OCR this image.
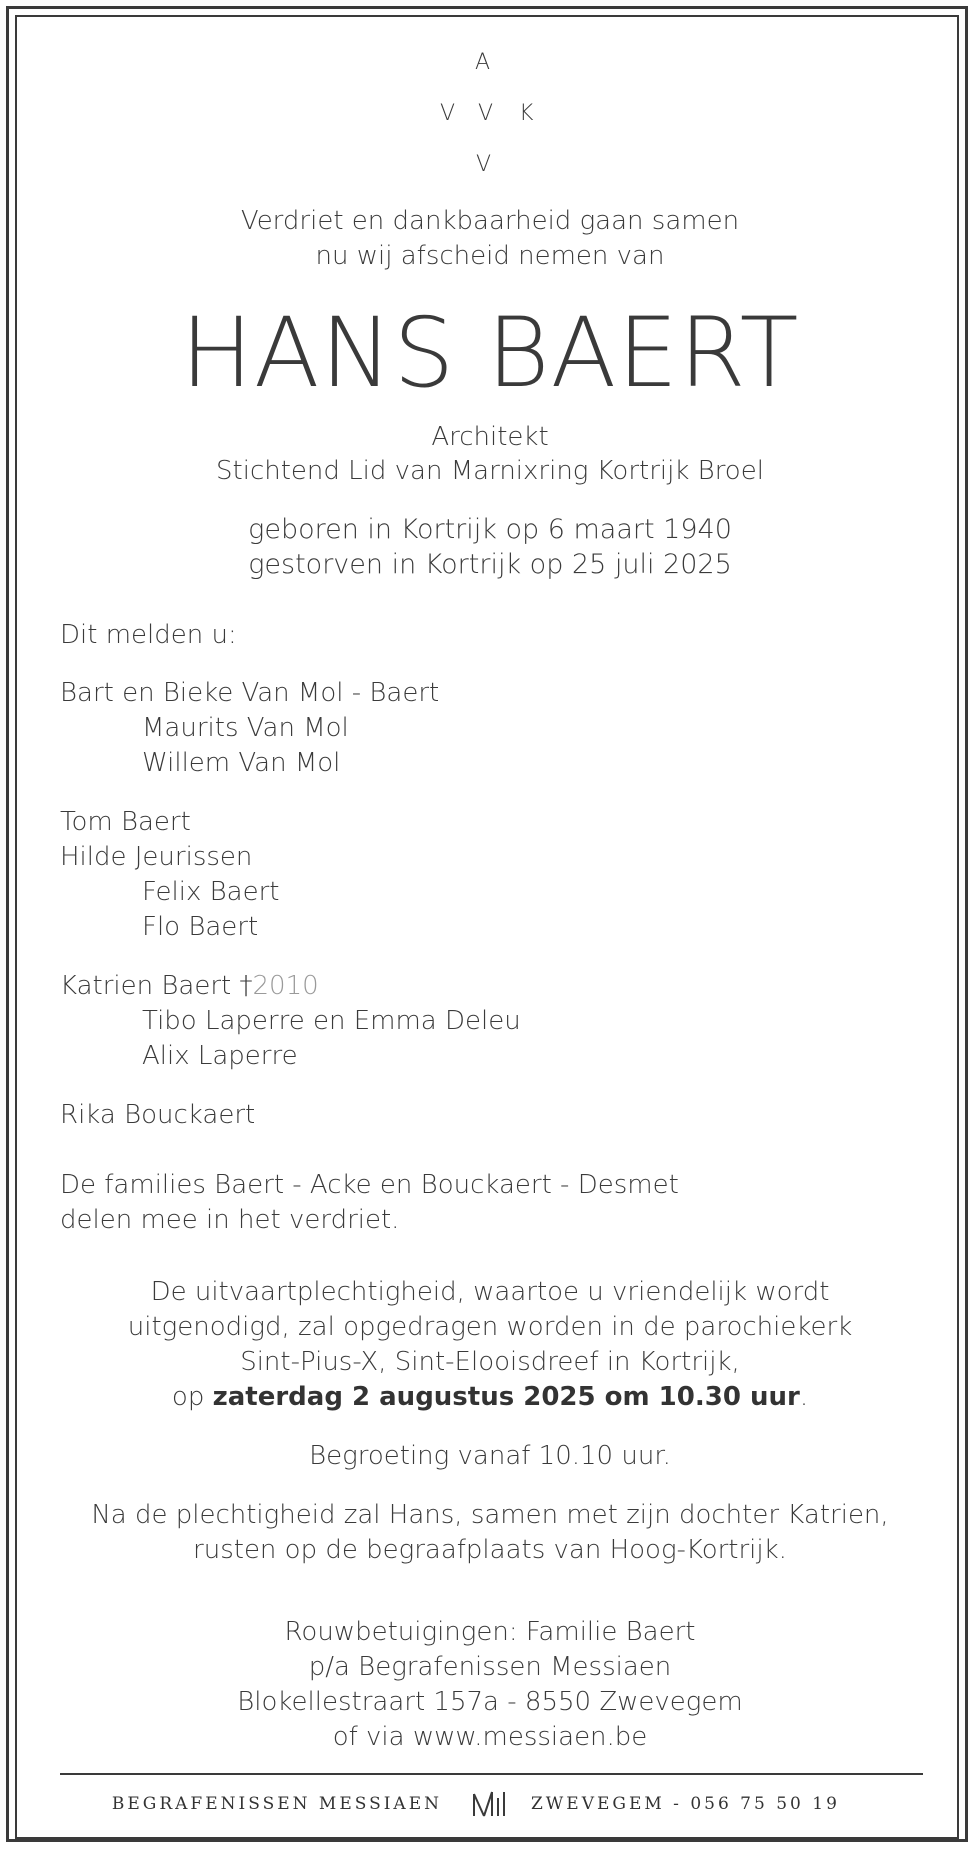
A
V V K
V
Verdriet en dankbaarheid gaan samen
nu wij afscheid nemen van
HANS BAERT
Architekt
Stichtend Lid van Marnixring Kortrijk Broel
geboren in Kortrijk op 6 maart 1940
gestorven in Kortrijk op 25 juli 2025
Dit melden u:
Bart en Bieke Van Mol - Baert
Maurits Van Mol
Willem Van Mol
Tom Baert
Hilde Jeurissen
Felix Baert
Flo Baert
Katrien Baert †2010
Tibo Laperre en Emma Deleu
Alix Laperre
Rika Bouckaert
De families Baert - Acke en Bouckaert - Desmet
delen mee in het verdriet.
De uitvaartplechtigheid, waartoe u vriendelijk wordt
uitgenodigd, zal opgedragen worden in de parochiekerk
Sint-Pius-X, Sint-Elooisdreef in Kortrijk,
op zaterdag 2 augustus 2025 om 10.30 uur.
Begroeting vanaf 10.10 uur.
Na de plechtigheid zal Hans, samen met zijn dochter Katrien,
rusten op de begraafplaats van Hoog-Kortrijk.
Rouwbetuigingen: Familie Baert
p/a Begrafenissen Messiaen
Blokellestraart 157a - 8550 Zwevegem
of via www.messiaen.be
BEGRAFENISSEN MESSIAEN	ZWEVEGEM - 056 75 50 19
